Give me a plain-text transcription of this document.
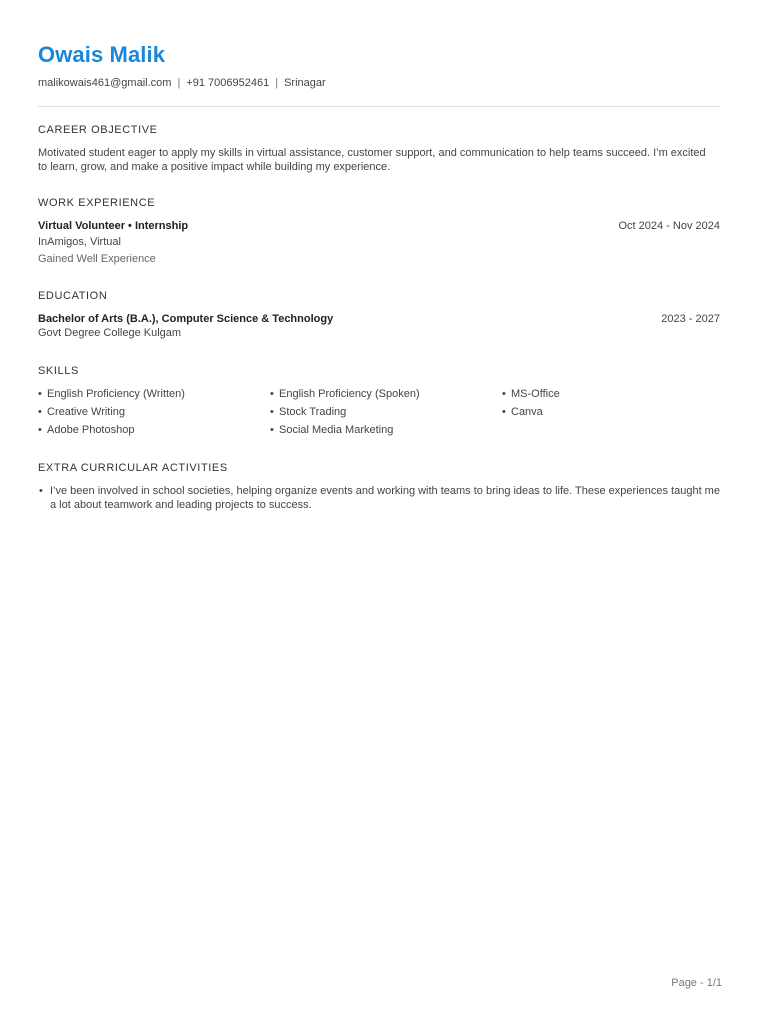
Owais Malik
malikowais461@gmail.com | +91 7006952461 | Srinagar
CAREER OBJECTIVE
Motivated student eager to apply my skills in virtual assistance, customer support, and communication to help teams succeed. I’m excited to learn, grow, and make a positive impact while building my experience.
WORK EXPERIENCE
Virtual Volunteer • Internship	Oct 2024 - Nov 2024
InAmigos, Virtual
Gained Well Experience
EDUCATION
Bachelor of Arts (B.A.), Computer Science & Technology	2023 - 2027
Govt Degree College Kulgam
SKILLS
• English Proficiency (Written)	• English Proficiency (Spoken)	• MS-Office
• Creative Writing	• Stock Trading	• Canva
• Adobe Photoshop	• Social Media Marketing
EXTRA CURRICULAR ACTIVITIES
• I’ve been involved in school societies, helping organize events and working with teams to bring ideas to life. These experiences taught me a lot about teamwork and leading projects to success.
Page - 1/1
